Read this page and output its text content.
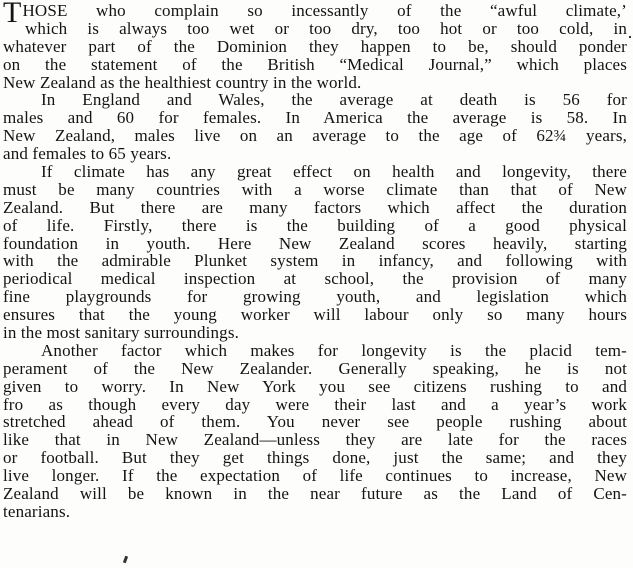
THOSE who complain so incessantly of the “awful climate,’
which is always too wet or too dry, too hot or too cold, in
whatever part of the Dominion they happen to be, should ponder
on the statement of the British “Medical Journal,” which places
New Zealand as the healthiest country in the world.
In England and Wales, the average at death is 56 for
males and 60 for females. In America the average is 58. In
New Zealand, males live on an average to the age of 62¾ years,
and females to 65 years.
If climate has any great effect on health and longevity, there
must be many countries with a worse climate than that of New
Zealand. But there are many factors which affect the duration
of life. Firstly, there is the building of a good physical
foundation in youth. Here New Zealand scores heavily, starting
with the admirable Plunket system in infancy, and following with
periodical medical inspection at school, the provision of many
fine playgrounds for growing youth, and legislation which
ensures that the young worker will labour only so many hours
in the most sanitary surroundings.
Another factor which makes for longevity is the placid tem-
perament of the New Zealander. Generally speaking, he is not
given to worry. In New York you see citizens rushing to and
fro as though every day were their last and a year’s work
stretched ahead of them. You never see people rushing about
like that in New Zealand—unless they are late for the races
or football. But they get things done, just the same; and they
live longer. If the expectation of life continues to increase, New
Zealand will be known in the near future as the Land of Cen-
tenarians.
